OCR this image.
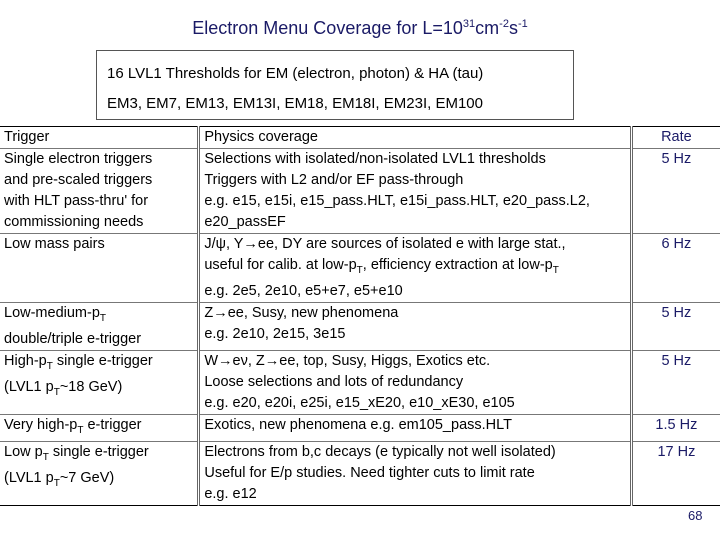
Electron Menu Coverage for $L=10^{31}cm^{-2}s^{-1}$
16 LVL1 Thresholds for EM (electron, photon) & HA (tau)
EM3, EM7, EM13, EM13I, EM18, EM18I, EM23I, EM100
Trigger	Physics coverage	Rate

Single electron triggers
and pre-scaled triggers
with HLT pass-thru' for
commissioning needs	Selections with isolated/non-isolated LVL1 thresholds
Triggers with L2 and/or EF pass-through
e.g. e15, e15i, e15_pass.HLT, e15i_pass.HLT, e20_pass.L2,
e20_passEF	5 Hz

Low mass pairs	J/ψ, Υ→ee, DY are sources of isolated e with large stat.,
useful for calib. at low-$p_T$, efficiency extraction at low-$p_T$
e.g. 2e5, 2e10, e5+e7, e5+e10	6 Hz

Low-$medium-p_T$
double/triple e-trigger	Z→ee, Susy, new phenomena
e.g. 2e10, 2e15, 3e15	5 Hz

High-$p_T$ single e-trigger
(LVL1 $p_T\sim 18$ GeV)	W→eν, Z→ee, top, Susy, Higgs, Exotics etc.
Loose selections and lots of redundancy
e.g. e20, e20i, e25i, e15_xE20, e10_xE30, e105	5 Hz

Very high-$p_T$ e-trigger	Exotics, new phenomena e.g. em105_pass.HLT	1.5 Hz

Low $p_T$ single e-trigger
(LVL1 $p_T\sim 7$ GeV)	Electrons from b,c decays (e typically not well isolated)
Useful for E/p studies. Need tighter cuts to limit rate
e.g. e12	17 Hz
68
